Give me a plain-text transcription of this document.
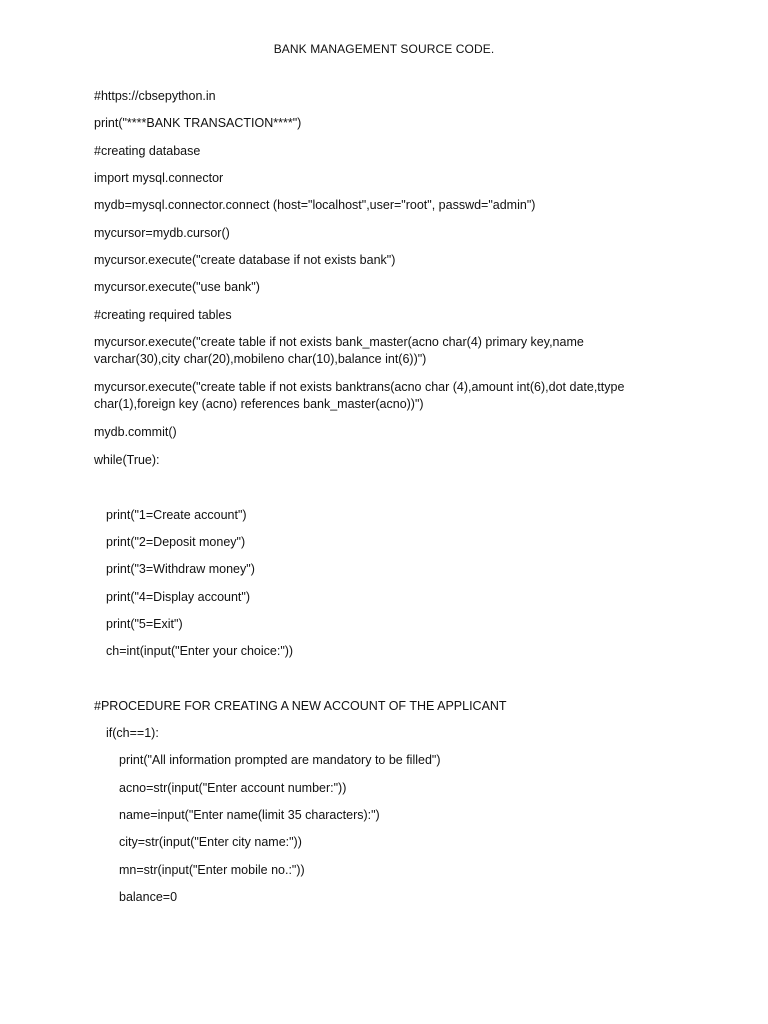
BANK MANAGEMENT SOURCE CODE.
#https://cbsepython.in
print("****BANK TRANSACTION****")
#creating database
import mysql.connector
mydb=mysql.connector.connect (host="localhost",user="root", passwd="admin")
mycursor=mydb.cursor()
mycursor.execute("create database if not exists bank")
mycursor.execute("use bank")
#creating required tables
mycursor.execute("create table if not exists bank_master(acno char(4) primary key,name varchar(30),city char(20),mobileno char(10),balance int(6))")
mycursor.execute("create table if not exists banktrans(acno char (4),amount int(6),dot date,ttype char(1),foreign key (acno) references bank_master(acno))")
mydb.commit()
while(True):
print("1=Create account")
print("2=Deposit money")
print("3=Withdraw money")
print("4=Display account")
print("5=Exit")
ch=int(input("Enter your choice:"))
#PROCEDURE FOR CREATING A NEW ACCOUNT OF THE APPLICANT
if(ch==1):
print("All information prompted are mandatory to be filled")
acno=str(input("Enter account number:"))
name=input("Enter name(limit 35 characters):")
city=str(input("Enter city name:"))
mn=str(input("Enter mobile no.:"))
balance=0
